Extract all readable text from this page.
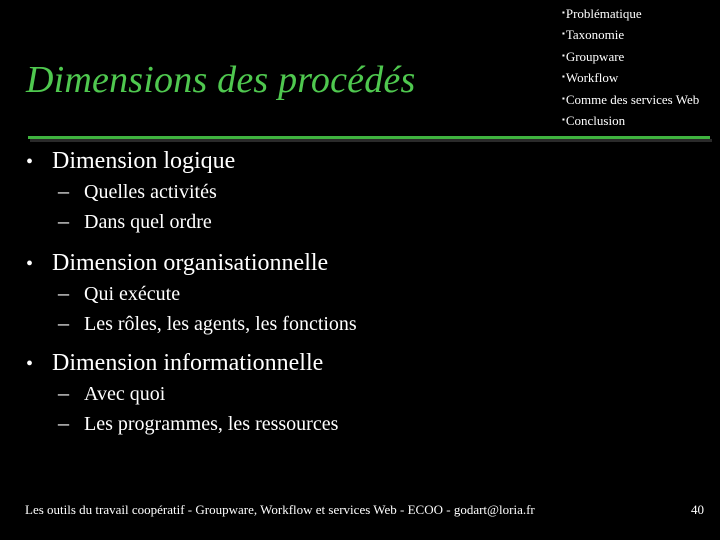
Dimensions des procédés
▪Problématique
▪Taxonomie
▪Groupware
▪Workflow
▪Comme des services Web
▪Conclusion
• Dimension logique
– Quelles activités
– Dans quel ordre
• Dimension organisationnelle
– Qui exécute
– Les rôles, les agents, les fonctions
• Dimension informationnelle
– Avec quoi
– Les programmes, les ressources
Les outils du travail coopératif - Groupware, Workflow et services Web - ECOO - godart@loria.fr	40
